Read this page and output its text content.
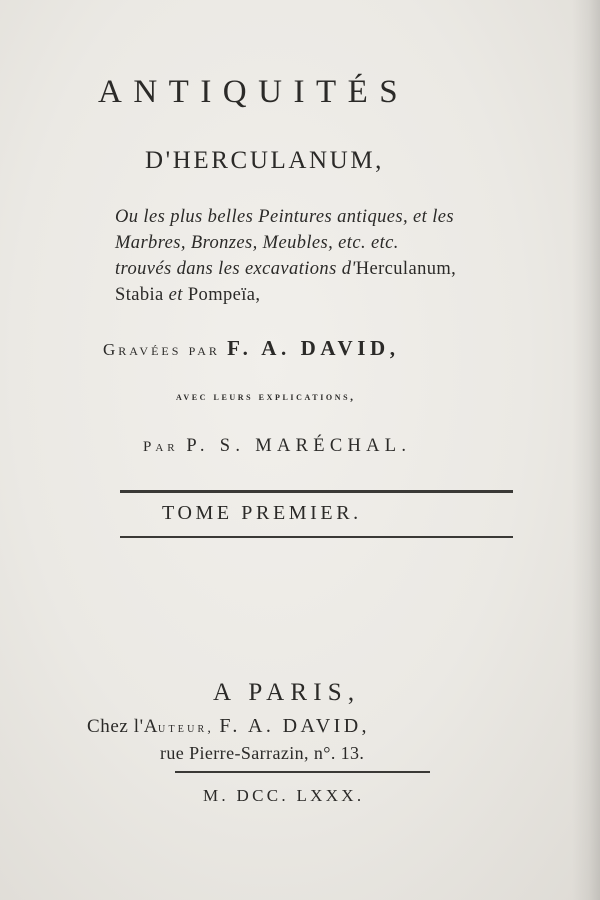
ANTIQUITÉS
D'HERCULANUM,
Ou les plus belles Peintures antiques, et les
Marbres, Bronzes, Meubles, etc. etc.
trouvés dans les excavations d'Herculanum,
Stabia et Pompeïa,
Gravées par F. A. DAVID,
avec leurs explications,
Par P. S. MARÉCHAL.
TOME PREMIER.
A PARIS,
Chez l'Auteur, F. A. DAVID,
rue Pierre-Sarrazin, n°. 13.
M. DCC. LXXX.
